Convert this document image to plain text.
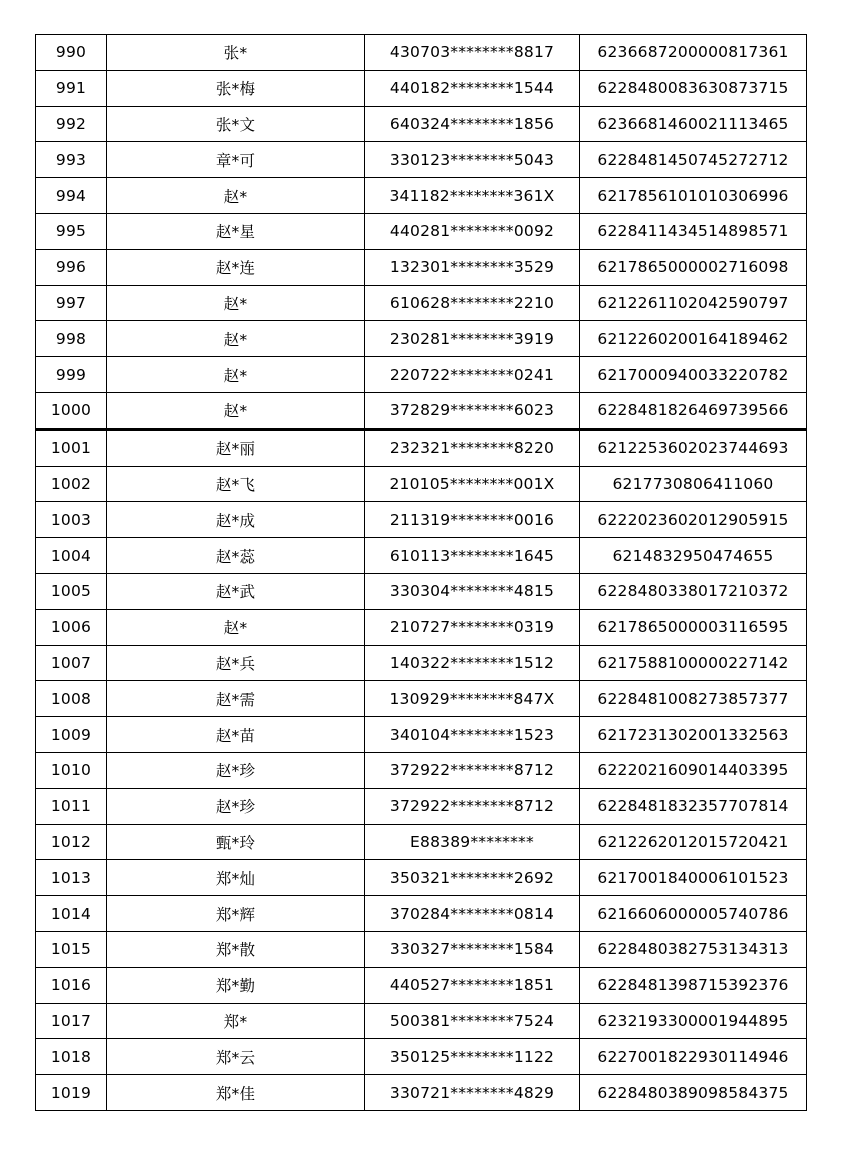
990	张*	430703********8817	6236687200000817361
991	张*梅	440182********1544	6228480083630873715
992	张*文	640324********1856	6236681460021113465
993	章*可	330123********5043	6228481450745272712
994	赵*	341182********361X	6217856101010306996
995	赵*星	440281********0092	6228411434514898571
996	赵*连	132301********3529	6217865000002716098
997	赵*	610628********2210	6212261102042590797
998	赵*	230281********3919	6212260200164189462
999	赵*	220722********0241	6217000940033220782
1000	赵*	372829********6023	6228481826469739566
1001	赵*丽	232321********8220	6212253602023744693
1002	赵*飞	210105********001X	6217730806411060
1003	赵*成	211319********0016	6222023602012905915
1004	赵*蕊	610113********1645	6214832950474655
1005	赵*武	330304********4815	6228480338017210372
1006	赵*	210727********0319	6217865000003116595
1007	赵*兵	140322********1512	6217588100000227142
1008	赵*需	130929********847X	6228481008273857377
1009	赵*苗	340104********1523	6217231302001332563
1010	赵*珍	372922********8712	6222021609014403395
1011	赵*珍	372922********8712	6228481832357707814
1012	甄*玲	E88389********	6212262012015720421
1013	郑*灿	350321********2692	6217001840006101523
1014	郑*辉	370284********0814	6216606000005740786
1015	郑*散	330327********1584	6228480382753134313
1016	郑*勤	440527********1851	6228481398715392376
1017	郑*	500381********7524	6232193300001944895
1018	郑*云	350125********1122	6227001822930114946
1019	郑*佳	330721********4829	6228480389098584375
